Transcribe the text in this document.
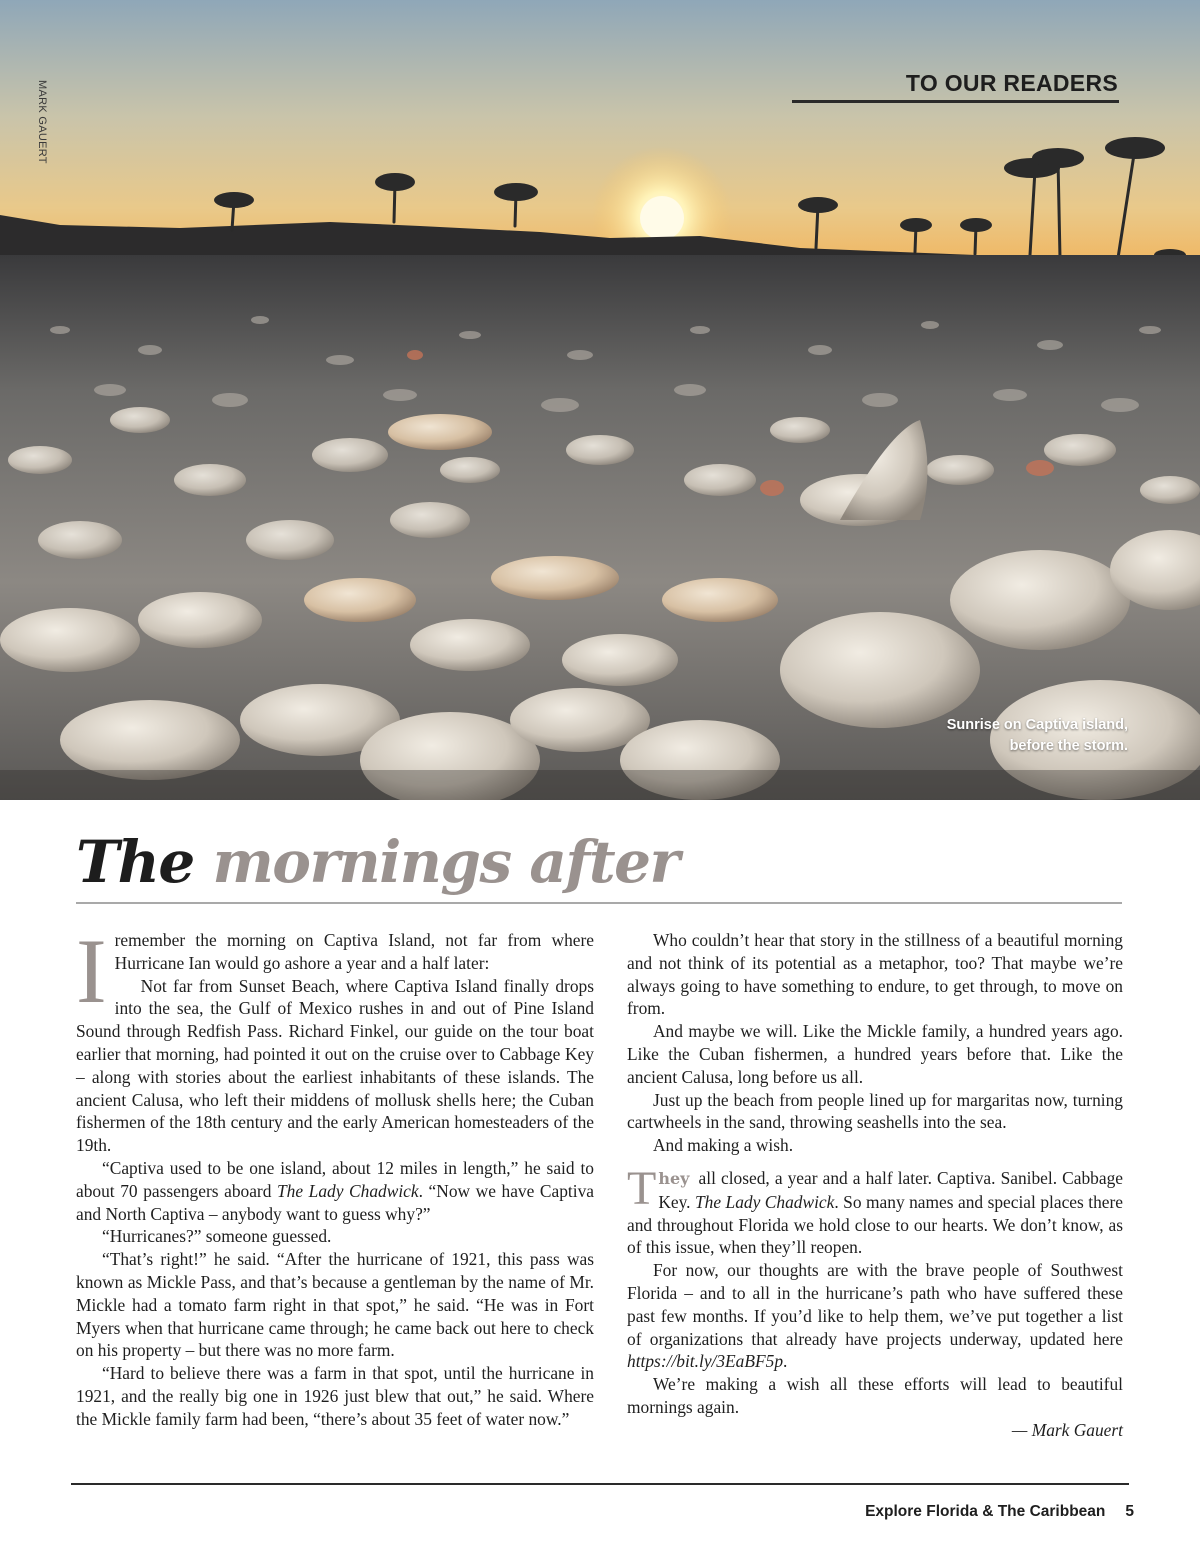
TO OUR READERS
MARK GAUERT
Sunrise on Captiva island,
before the storm.
The mornings after

Iremember the morning on Captiva Island, not far from where Hurricane Ian would go ashore a year and a half later:

Not far from Sunset Beach, where Captiva Island finally drops into the sea, the Gulf of Mexico rushes in and out of Pine Island Sound through Redfish Pass. Richard Finkel, our guide on the tour boat earlier that morning, had pointed it out on the cruise over to Cabbage Key – along with stories about the earliest inhabitants of these islands. The ancient Calusa, who left their middens of mollusk shells here; the Cuban fishermen of the 18th century and the early American homesteaders of the 19th.

“Captiva used to be one island, about 12 miles in length,” he said to about 70 passengers aboard The Lady Chadwick. “Now we have Captiva and North Captiva – anybody want to guess why?”

“Hurricanes?” someone guessed.

“That’s right!” he said. “After the hurricane of 1921, this pass was known as Mickle Pass, and that’s because a gentleman by the name of Mr. Mickle had a tomato farm right in that spot,” he said. “He was in Fort Myers when that hurricane came through; he came back out here to check on his property – but there was no more farm.

“Hard to believe there was a farm in that spot, until the hurricane in 1921, and the really big one in 1926 just blew that out,” he said. Where the Mickle family farm had been, “there’s about 35 feet of water now.”

Who couldn’t hear that story in the stillness of a beautiful morning and not think of its potential as a metaphor, too? That maybe we’re always going to have something to endure, to get through, to move on from.

And maybe we will. Like the Mickle family, a hundred years ago. Like the Cuban fishermen, a hundred years before that. Like the ancient Calusa, long before us all.

Just up the beach from people lined up for margaritas now, turning cartwheels in the sand, throwing seashells into the sea.

And making a wish.

They all closed, a year and a half later. Captiva. Sanibel. Cabbage Key. The Lady Chadwick. So many names and special places there and throughout Florida we hold close to our hearts. We don’t know, as of this issue, when they’ll reopen.

For now, our thoughts are with the brave people of Southwest Florida – and to all in the hurricane’s path who have suffered these past few months. If you’d like to help them, we’ve put together a list of organizations that already have projects underway, updated here https://bit.ly/3EaBF5p.

We’re making a wish all these efforts will lead to beautiful mornings again.

— Mark Gauert

Explore Florida & The Caribbean 5
